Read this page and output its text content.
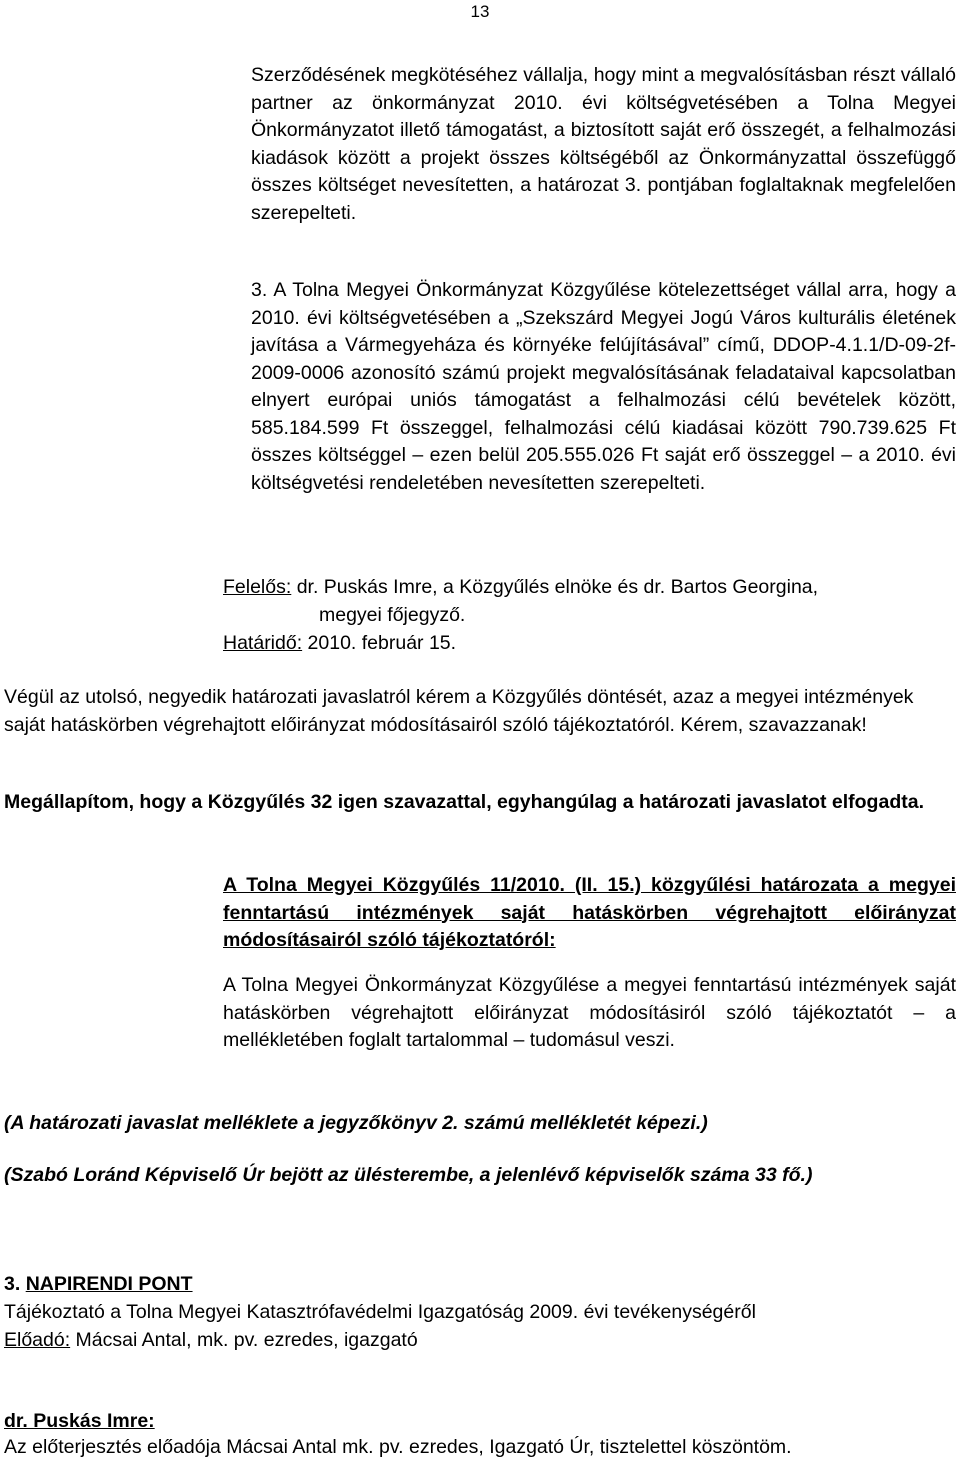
13
Szerződésének megkötéséhez vállalja, hogy mint a megvalósításban részt vállaló partner az önkormányzat 2010. évi költségvetésében a Tolna Megyei Önkormányzatot illető támogatást, a biztosított saját erő összegét, a felhalmozási kiadások között a projekt összes költségéből az Önkormányzattal összefüggő összes költséget nevesítetten, a határozat 3. pontjában foglaltaknak megfelelően szerepelteti.
3. A Tolna Megyei Önkormányzat Közgyűlése kötelezettséget vállal arra, hogy a 2010. évi költségvetésében a „Szekszárd Megyei Jogú Város kulturális életének javítása a Vármegyeháza és környéke felújításával” című, DDOP-4.1.1/D-09-2f-2009-0006 azonosító számú projekt megvalósításának feladataival kapcsolatban elnyert európai uniós támogatást a felhalmozási célú bevételek között, 585.184.599 Ft összeggel, felhalmozási célú kiadásai között 790.739.625 Ft összes költséggel – ezen belül 205.555.026 Ft saját erő összeggel – a 2010. évi költségvetési rendeletében nevesítetten szerepelteti.
Felelős: dr. Puskás Imre, a Közgyűlés elnöke és dr. Bartos Georgina,
megyei főjegyző.
Határidő: 2010. február 15.
Végül az utolsó, negyedik határozati javaslatról kérem a Közgyűlés döntését, azaz a megyei intézmények saját hatáskörben végrehajtott előirányzat módosításairól szóló tájékoztatóról. Kérem, szavazzanak!
Megállapítom, hogy a Közgyűlés 32 igen szavazattal, egyhangúlag a határozati javaslatot elfogadta.
A Tolna Megyei Közgyűlés 11/2010. (II. 15.) közgyűlési határozata a megyei fenntartású intézmények saját hatáskörben végrehajtott előirányzat módosításairól szóló tájékoztatóról:
A Tolna Megyei Önkormányzat Közgyűlése a megyei fenntartású intézmények saját hatáskörben végrehajtott előirányzat módosításiról szóló tájékoztatót – a mellékletében foglalt tartalommal – tudomásul veszi.
(A határozati javaslat melléklete a jegyzőkönyv 2. számú mellékletét képezi.)
(Szabó Loránd Képviselő Úr bejött az ülésterembe, a jelenlévő képviselők száma 33 fő.)
3. NAPIRENDI PONT
Tájékoztató a Tolna Megyei Katasztrófavédelmi Igazgatóság 2009. évi tevékenységéről
Előadó: Mácsai Antal, mk. pv. ezredes, igazgató
dr. Puskás Imre:
Az előterjesztés előadója Mácsai Antal mk. pv. ezredes, Igazgató Úr, tisztelettel köszöntöm.
